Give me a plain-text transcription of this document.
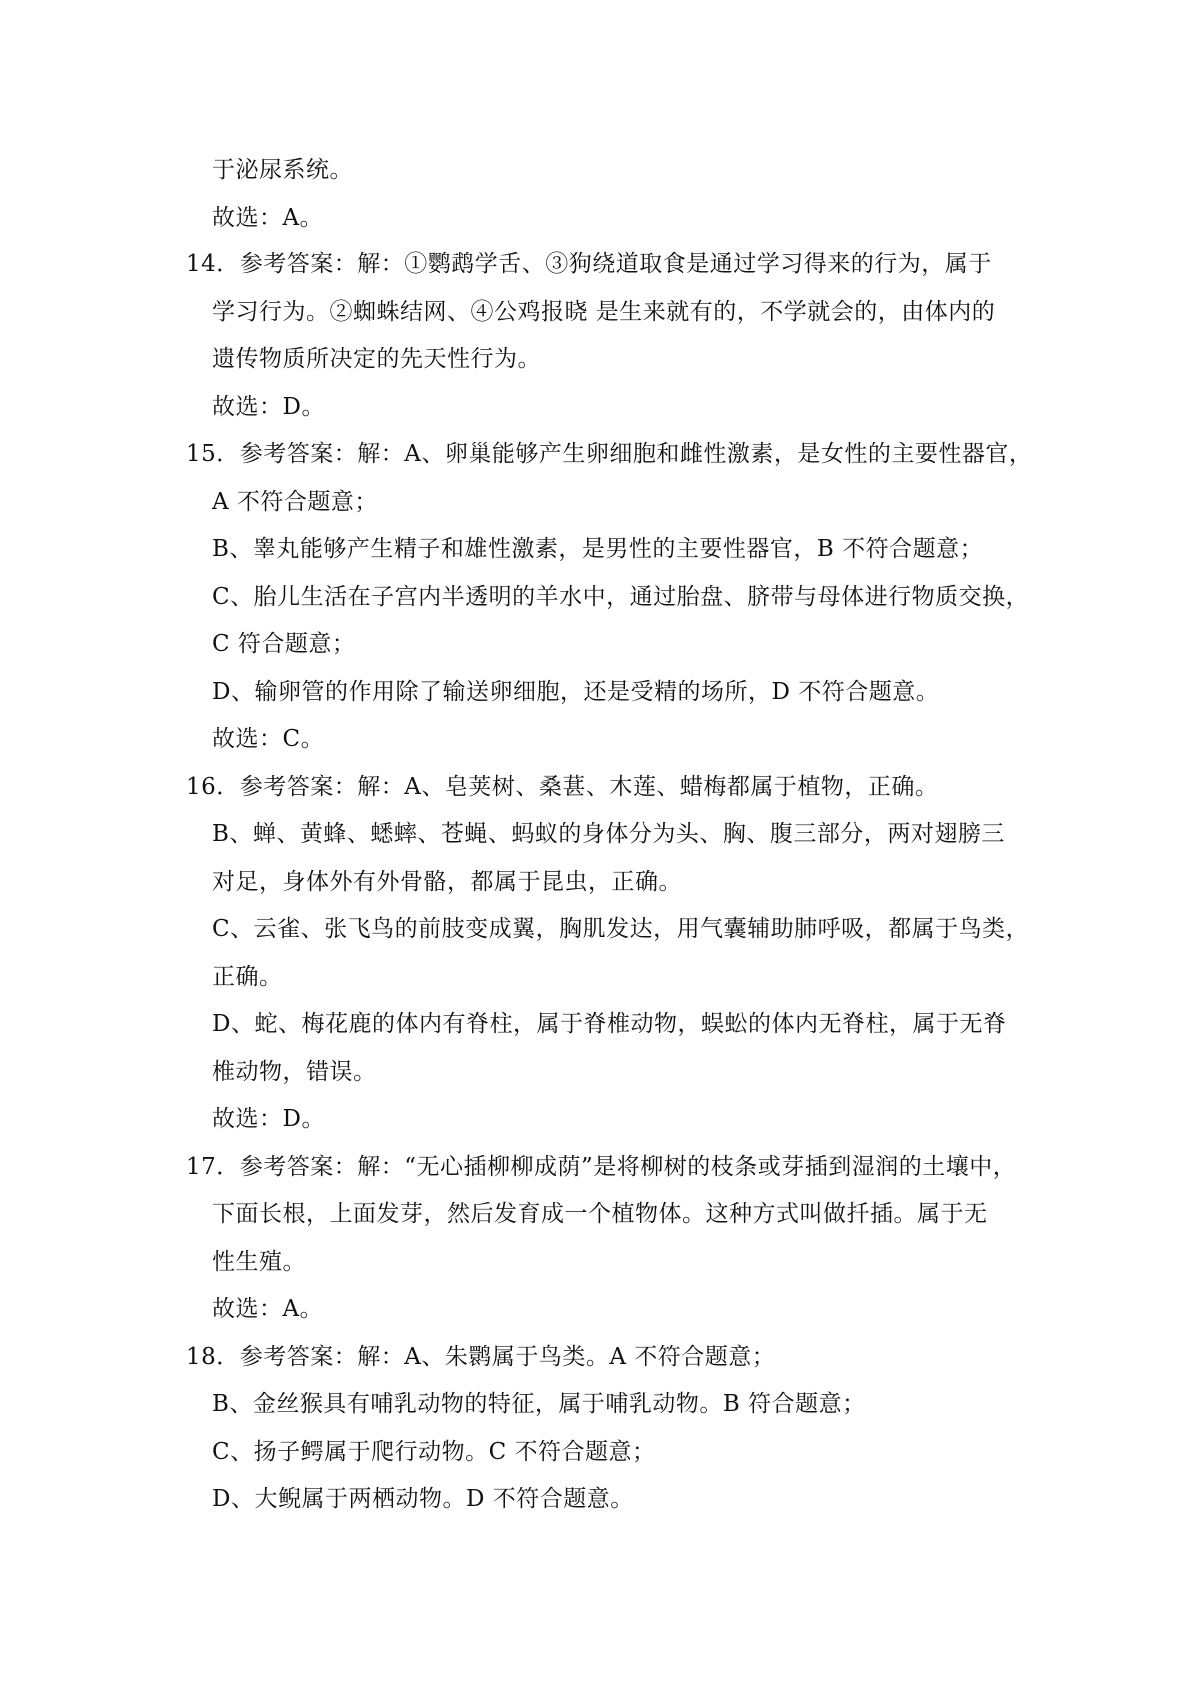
于泌尿系统。
故选：A。
14．参考答案：解：①鹦鹉学舌、③狗绕道取食是通过学习得来的行为，属于
学习行为。②蜘蛛结网、④公鸡报晓 是生来就有的，不学就会的，由体内的
遗传物质所决定的先天性行为。
故选：D。
15．参考答案：解：A、卵巢能够产生卵细胞和雌性激素，是女性的主要性器官，
A 不符合题意；
B、睾丸能够产生精子和雄性激素，是男性的主要性器官，B 不符合题意；
C、胎儿生活在子宫内半透明的羊水中，通过胎盘、脐带与母体进行物质交换，
C 符合题意；
D、输卵管的作用除了输送卵细胞，还是受精的场所，D 不符合题意。
故选：C。
16．参考答案：解：A、皂荚树、桑葚、木莲、蜡梅都属于植物，正确。
B、蝉、黄蜂、蟋蟀、苍蝇、蚂蚁的身体分为头、胸、腹三部分，两对翅膀三
对足，身体外有外骨骼，都属于昆虫，正确。
C、云雀、张飞鸟的前肢变成翼，胸肌发达，用气囊辅助肺呼吸，都属于鸟类，
正确。
D、蛇、梅花鹿的体内有脊柱，属于脊椎动物，蜈蚣的体内无脊柱，属于无脊
椎动物，错误。
故选：D。
17．参考答案：解：“无心插柳柳成荫”是将柳树的枝条或芽插到湿润的土壤中，
下面长根，上面发芽，然后发育成一个植物体。这种方式叫做扦插。属于无
性生殖。
故选：A。
18．参考答案：解：A、朱鹮属于鸟类。A 不符合题意；
B、金丝猴具有哺乳动物的特征，属于哺乳动物。B 符合题意；
C、扬子鳄属于爬行动物。C 不符合题意；
D、大鲵属于两栖动物。D 不符合题意。
